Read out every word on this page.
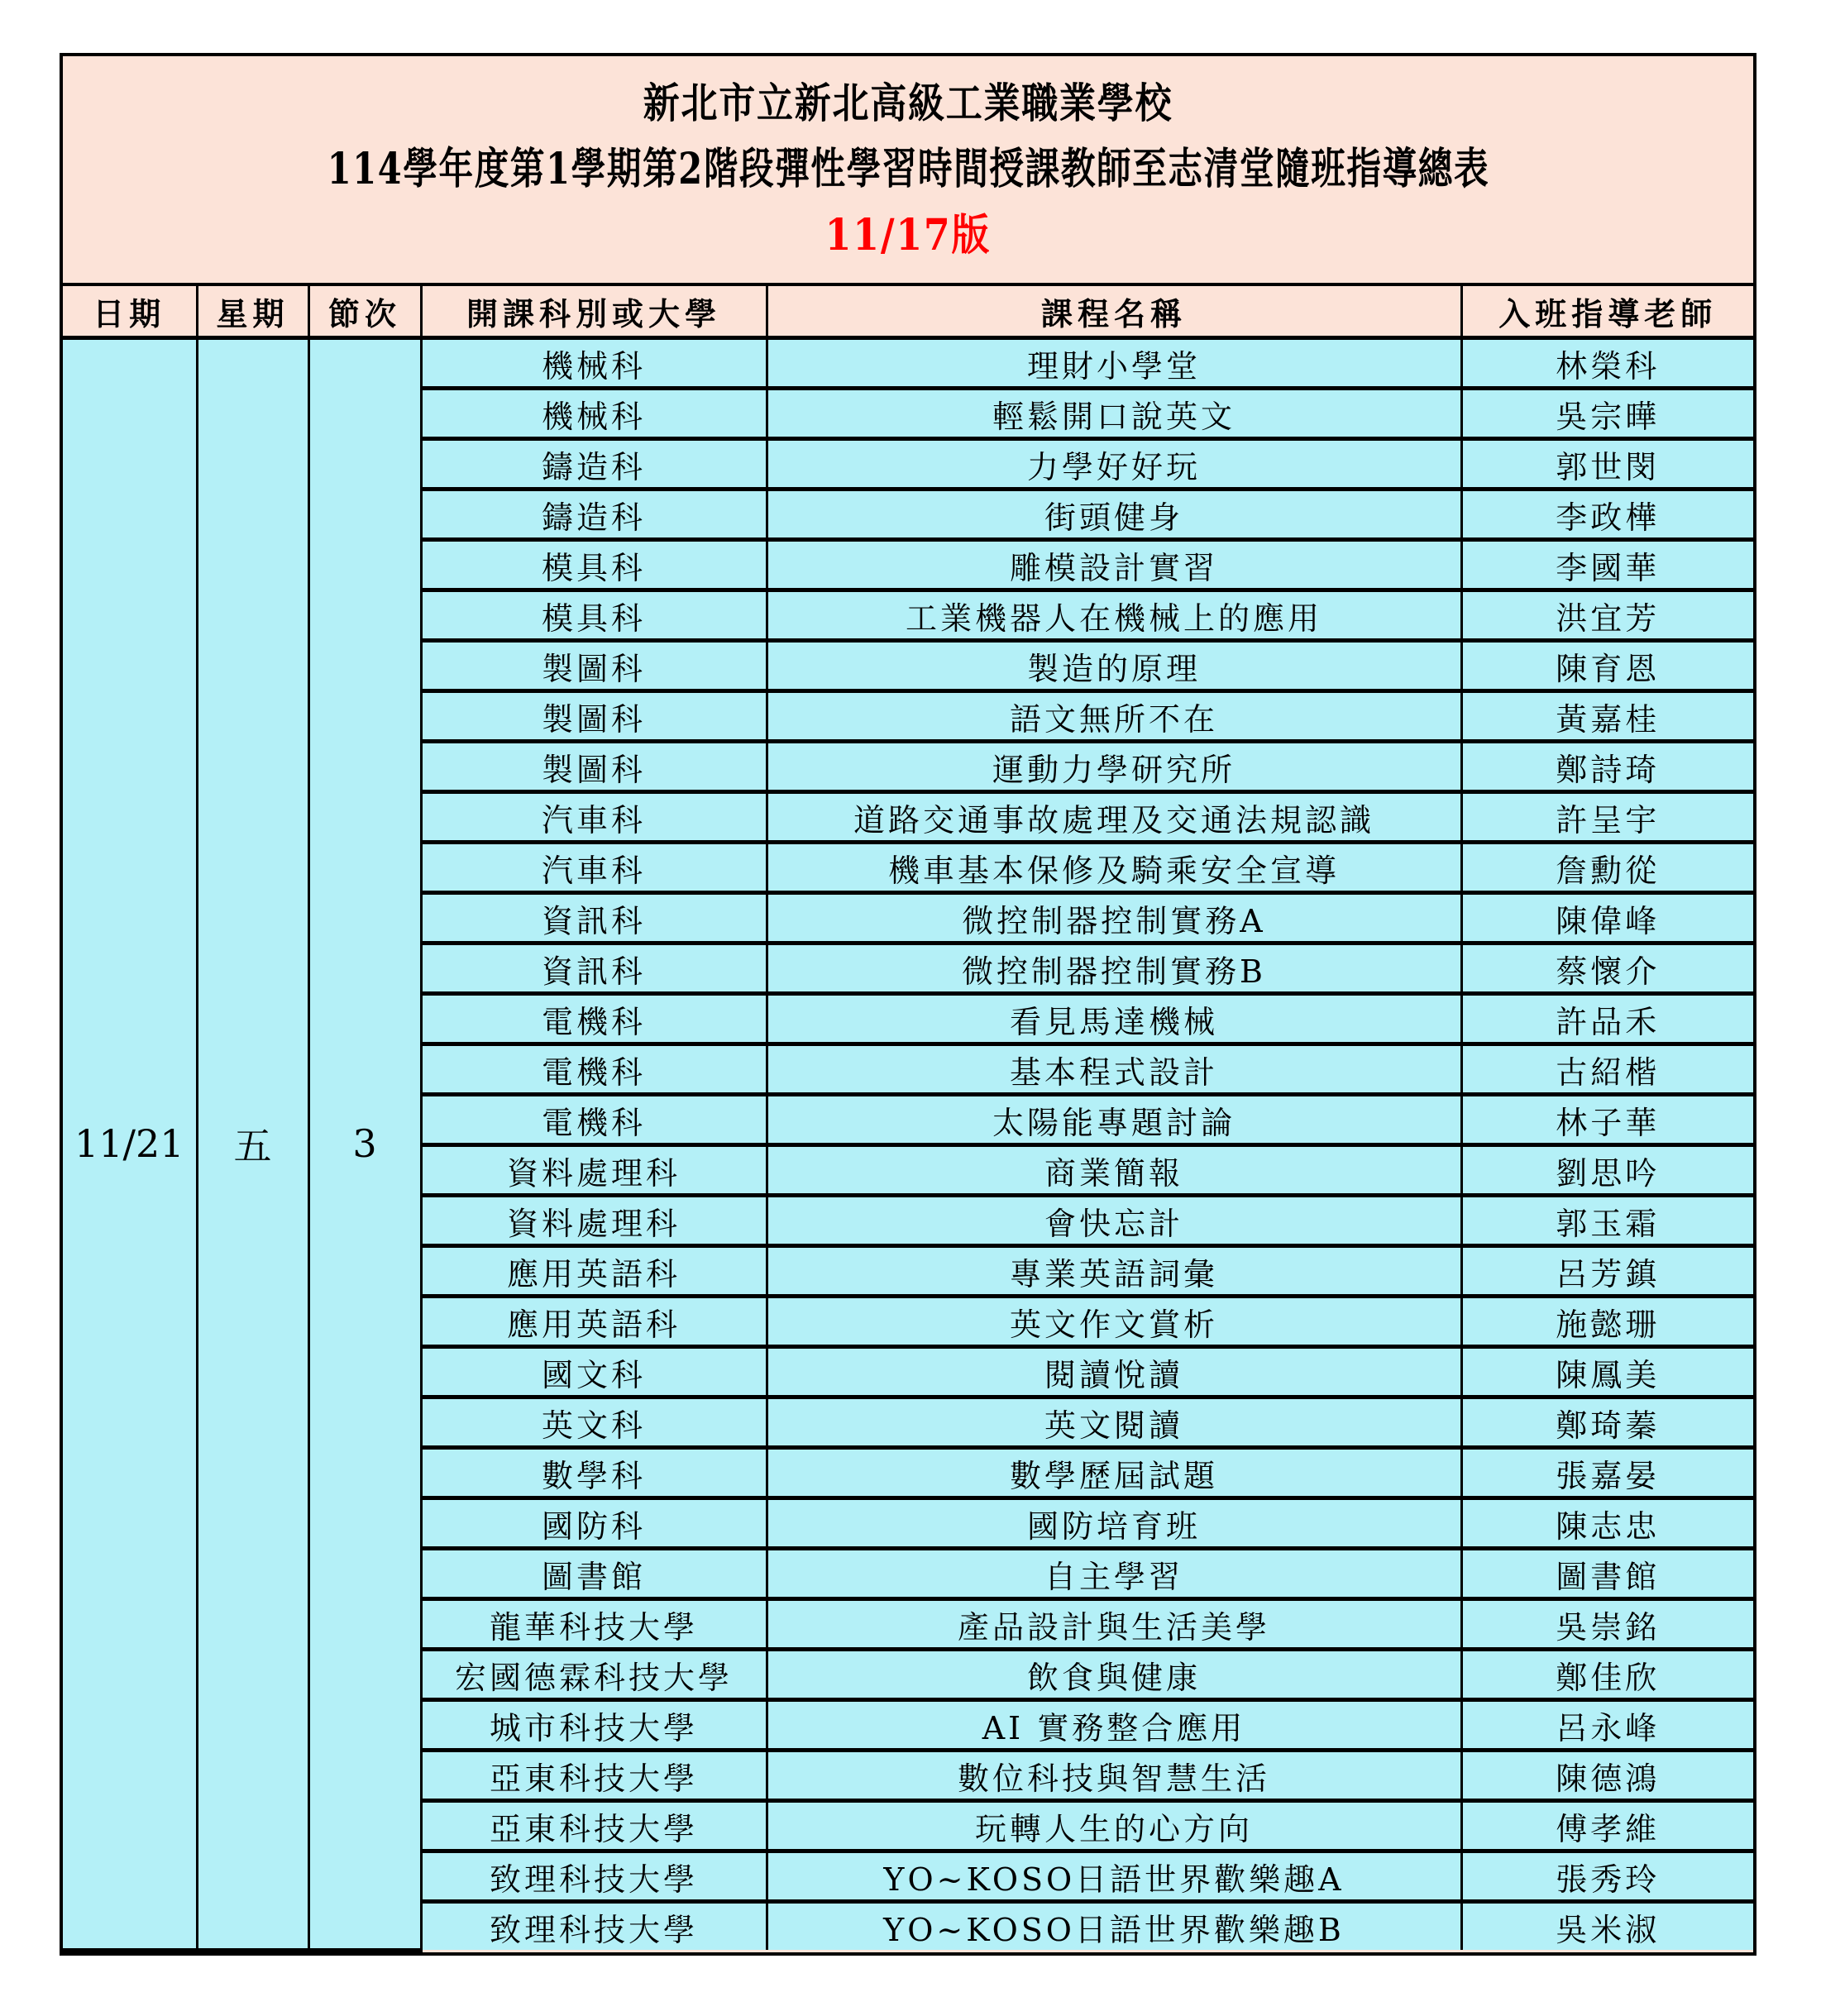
新北市立新北高級工業職業學校
114學年度第1學期第2階段彈性學習時間授課教師至志清堂隨班指導總表
11/17版
日期	星期	節次	開課科別或大學	課程名稱	入班指導老師
11/21	五	3	機械科	理財小學堂	林榮科
			機械科	輕鬆開口說英文	吳宗曄
			鑄造科	力學好好玩	郭世閔
			鑄造科	街頭健身	李政樺
			模具科	雕模設計實習	李國華
			模具科	工業機器人在機械上的應用	洪宜芳
			製圖科	製造的原理	陳育恩
			製圖科	語文無所不在	黃嘉桂
			製圖科	運動力學研究所	鄭詩琦
			汽車科	道路交通事故處理及交通法規認識	許呈宇
			汽車科	機車基本保修及騎乘安全宣導	詹勳從
			資訊科	微控制器控制實務A	陳偉峰
			資訊科	微控制器控制實務B	蔡懷介
			電機科	看見馬達機械	許品禾
			電機科	基本程式設計	古紹楷
			電機科	太陽能專題討論	林子華
			資料處理科	商業簡報	劉思吟
			資料處理科	會快忘計	郭玉霜
			應用英語科	專業英語詞彙	呂芳鎮
			應用英語科	英文作文賞析	施懿珊
			國文科	閱讀悅讀	陳鳳美
			英文科	英文閱讀	鄭琦蓁
			數學科	數學歷屆試題	張嘉晏
			國防科	國防培育班	陳志忠
			圖書館	自主學習	圖書館
			龍華科技大學	產品設計與生活美學	吳崇銘
			宏國德霖科技大學	飲食與健康	鄭佳欣
			城市科技大學	AI 實務整合應用	呂永峰
			亞東科技大學	數位科技與智慧生活	陳德鴻
			亞東科技大學	玩轉人生的心方向	傅孝維
			致理科技大學	YO~KOSO日語世界歡樂趣A	張秀玲
			致理科技大學	YO~KOSO日語世界歡樂趣B	吳米淑
